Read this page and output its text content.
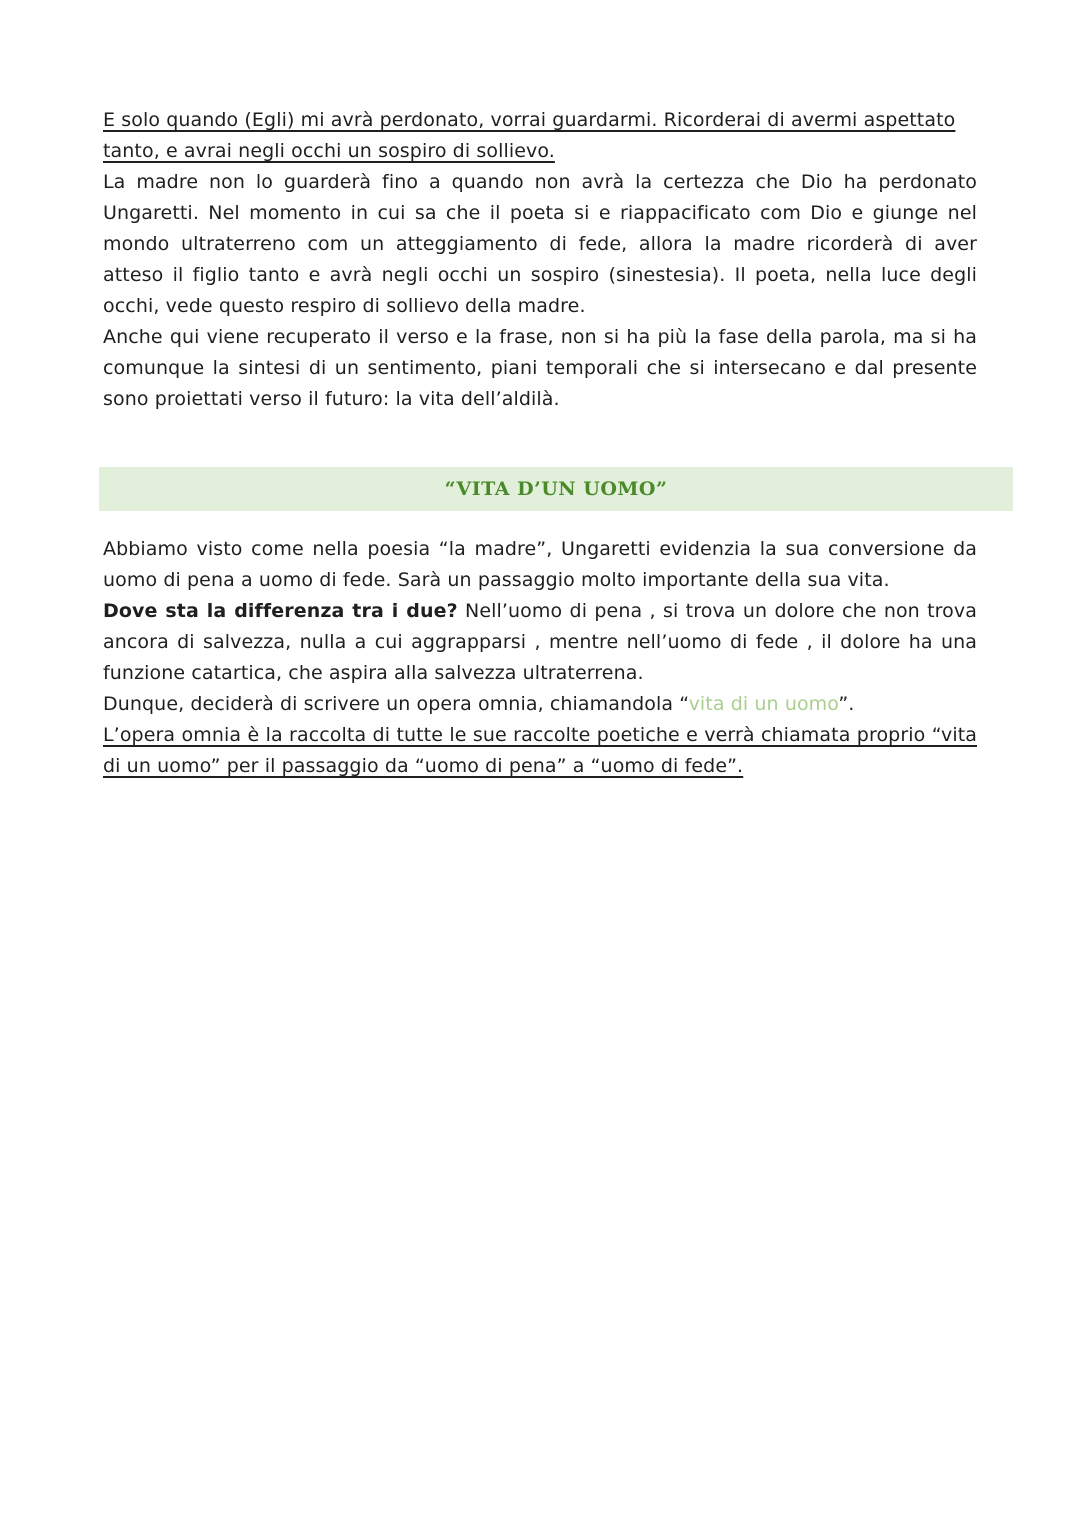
E solo quando (Egli) mi avrà perdonato, vorrai guardarmi. Ricorderai di avermi aspettato
tanto, e avrai negli occhi un sospiro di sollievo.
La madre non lo guarderà fino a quando non avrà la certezza che Dio ha perdonato Ungaretti. Nel momento in cui sa che il poeta si e riappacificato com Dio e giunge nel mondo ultraterreno com un atteggiamento di fede, allora la madre ricorderà di aver atteso il figlio tanto e avrà negli occhi un sospiro (sinestesia). Il poeta, nella luce degli occhi, vede questo respiro di sollievo della madre.
Anche qui viene recuperato il verso e la frase, non si ha più la fase della parola, ma si ha comunque la sintesi di un sentimento, piani temporali che si intersecano e dal presente sono proiettati verso il futuro: la vita dell’aldilà.
“VITA D’UN UOMO”
Abbiamo visto come nella poesia “la madre”, Ungaretti evidenzia la sua conversione da uomo di pena a uomo di fede. Sarà un passaggio molto importante della sua vita.
Dove sta la differenza tra i due? Nell’uomo di pena , si trova un dolore che non trova ancora di salvezza, nulla a cui aggrapparsi , mentre nell’uomo di fede , il dolore ha una funzione catartica, che aspira alla salvezza ultraterrena.
Dunque, deciderà di scrivere un opera omnia, chiamandola “vita di un uomo”.
L’opera omnia è la raccolta di tutte le sue raccolte poetiche e verrà chiamata proprio “vita di un uomo” per il passaggio da “uomo di pena” a “uomo di fede”.
